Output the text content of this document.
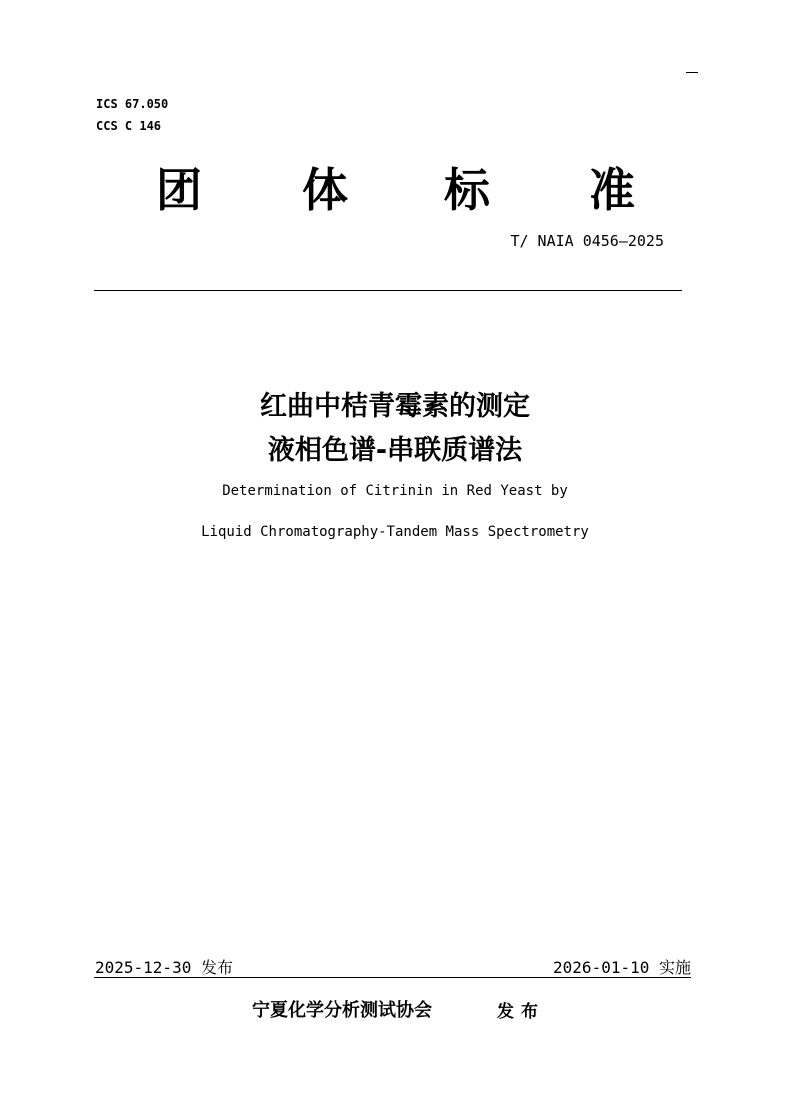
ICS 67.050
CCS C 146
团	体	标	准
T/ NAIA 0456—2025
红曲中桔青霉素的测定
液相色谱-串联质谱法
Determination of Citrinin in Red Yeast by
Liquid Chromatography-Tandem Mass Spectrometry
2025-12-30 发布	2026-01-10 实施
宁夏化学分析测试协会	发布
